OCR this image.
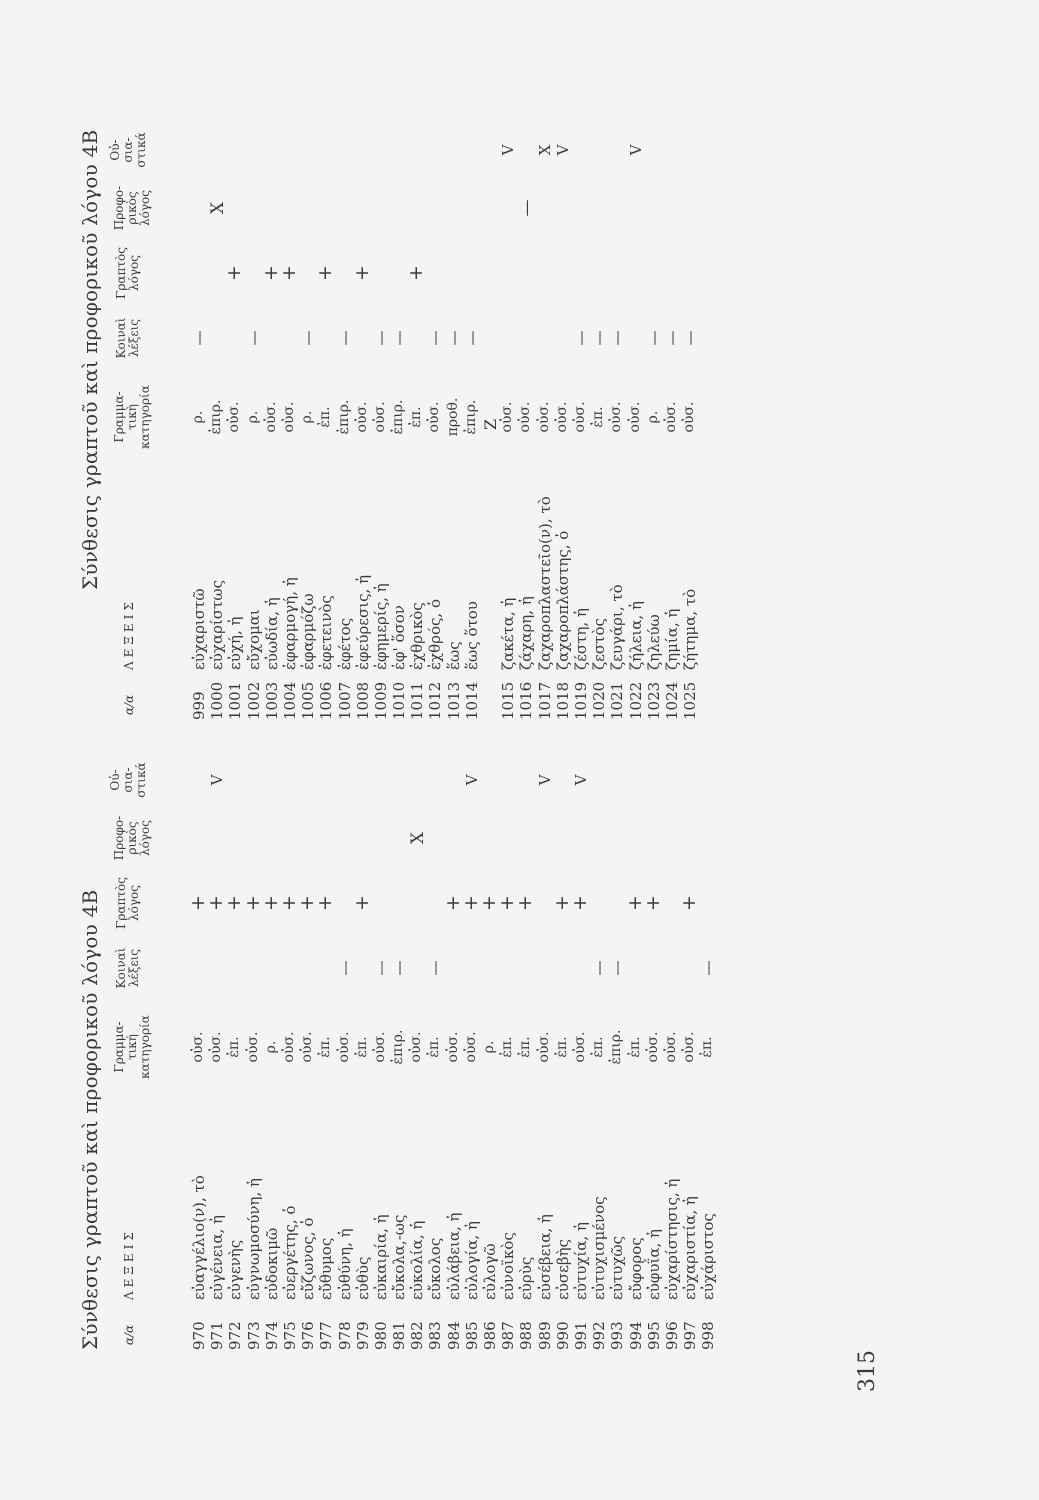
315
Σύνθεσις γραπτοῦ καὶ προφορικοῦ λόγου 4Β α/α
ΛΕΞΕΙΣ
Γραμμα-
τική
κατηγορία
Κοιναὶ
λέξεις
Γραπτὸς
λόγος
Προφο-
ρικὸς
λόγος
Οὐ-
σια-
στικά
970
εὐαγγέλιο(ν), τὸ
οὐσ.
+
971
εὐγένεια, ἡ
οὐσ.
+
V
972
εὐγενὴς
ἐπ.
+
973
εὐγνωμοσύνη, ἡ
οὐσ.
+
974
εὐδοκιμῶ
ρ.
+
975
εὐεργέτης, ὁ
οὐσ.
+
976
εὔζωνος, ὁ
οὐσ.
+
977
εὔθυμος
ἐπ.
+
978
εὐθύνη, ἡ
οὐσ.
—
979
εὐθὺς
ἐπ.
+
980
εὐκαιρία, ἡ
οὐσ.
—
981
εὔκολα,-ως
ἐπιρ.
—
982
εὐκολία, ἡ
οὐσ.
X
983
εὔκολος
ἐπ.
—
984
εὐλάβεια, ἡ
οὐσ.
+
985
εὐλογία, ἡ
οὐσ.
+
V
986
εὐλογῶ
ρ.
+
987
εὐνοϊκὸς
ἐπ.
+
988
εὐρὺς
ἐπ.
+
989
εὐσέβεια, ἡ
οὐσ.
V
990
εὐσεβὴς
ἐπ.
+
991
εὐτυχία, ἡ
οὐσ.
+
V
992
εὐτυχισμένος
ἐπ.
—
993
εὐτυχῶς
ἐπιρ.
—
994
εὔφορος
ἐπ.
+
995
εὐφυΐα, ἡ
οὐσ.
+
996
εὐχαρίστησις, ἡ
οὐσ.
997
εὐχαριστία, ἡ
οὐσ.
+
998
εὐχάριστος
ἐπ.
—
Σύνθεσις γραπτοῦ καὶ προφορικοῦ λόγου 4Β
α/α
ΛΕΞΕΙΣ
Γραμμα-
τικὴ
κατηγορία
Κοιναὶ
λέξεις
Γραπτὸς
λόγος
Προφο-
ρικὸς
λόγος
Οὐ-
σια-
στικά
999
εὐχαριστῶ
ρ.
—
1000
εὐχαρίστως
ἐπιρ.
X
1001
εὐχή, ἡ
οὐσ.
+
1002
εὔχομαι
ρ.
—
1003
εὐωδία, ἡ
οὐσ.
+
1004
ἐφαρμογή, ἡ
οὐσ.
+
1005
ἐφαρμόζω
ρ.
—
1006
ἐφετεινὸς
ἐπ.
+
1007
ἐφέτος
ἐπιρ.
—
1008
ἐφεύρεσις, ἡ
οὐσ.
+
1009
ἐφημερίς, ἡ
οὐσ.
—
1010
ἐφ' ὅσον
ἐπιρ.
—
1011
ἐχθρικὸς
ἐπ.
+
1012
ἐχθρός, ὁ
οὐσ.
—
1013
ἕως
προθ.
—
1014
ἕως ὅτου
ἐπιρ.
—
Ζ
1015
ζακέτα, ἡ
οὐσ.
V
1016
ζάχαρη, ἡ
οὐσ.
—
1017
ζαχαροπλαστεῖο(ν), τὸ
οὐσ.
X
1018
ζαχαροπλάστης, ὁ
οὐσ.
V
1019
ζέστη, ἡ
οὐσ.
—
1020
ζεστὸς
ἐπ.
—
1021
ζευγάρι, τὸ
οὐσ.
—
1022
ζήλεια, ἡ
οὐσ.
V
1023
ζηλεύω
ρ.
—
1024
ζημία, ἡ
οὐσ.
—
1025
ζήτημα, τὸ
οὐσ.
—
